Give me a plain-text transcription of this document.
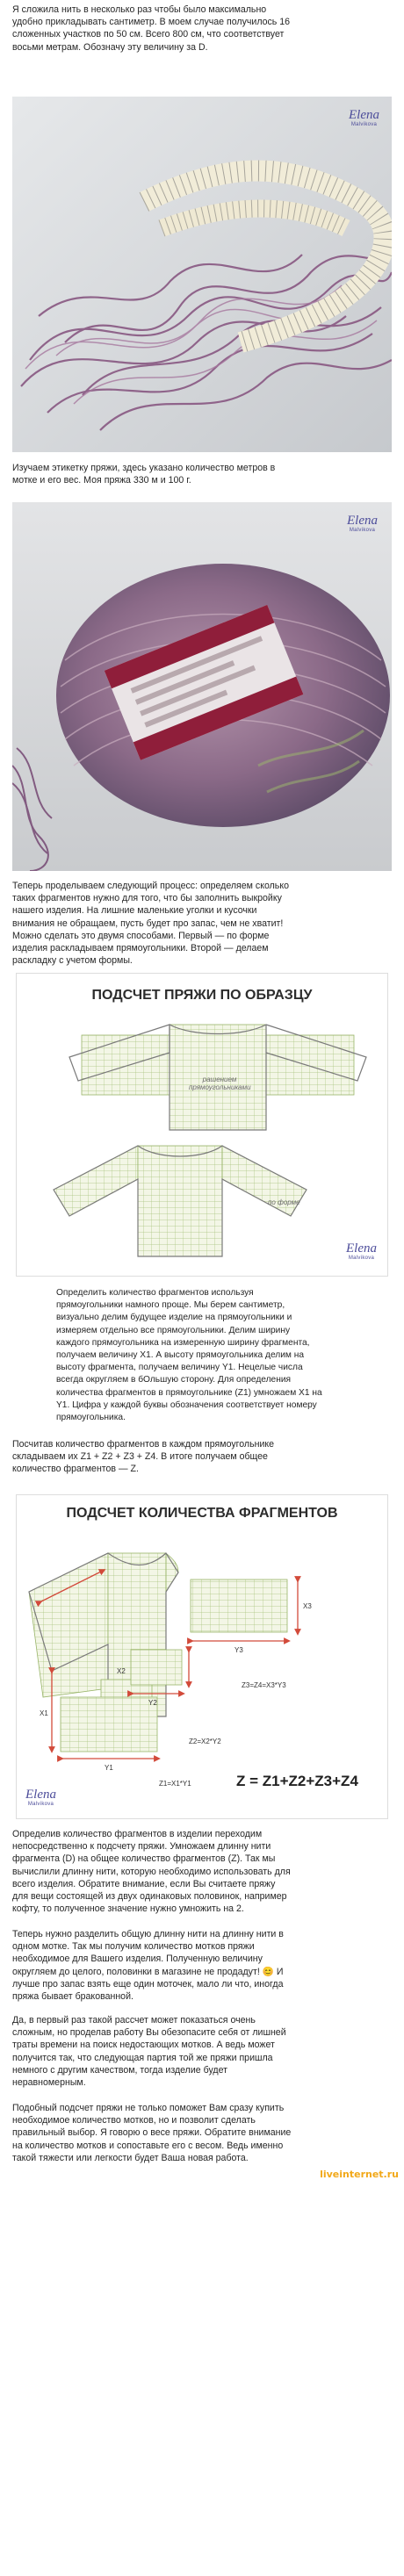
Я сложила нить в несколько раз чтобы было максимально
удобно прикладывать сантиметр. В моем случае получилось 16
сложенных участков по 50 см. Всего 800 см, что соответствует
восьми метрам. Обозначу эту величину за D.
Elena
Malvikova
Изучаем этикетку пряжи, здесь указано количество метров в
мотке и его вес. Моя пряжа 330 м и 100 г.
Elena
Malvikova
Теперь проделываем следующий процесс: определяем сколько
таких фрагментов нужно для того, что бы заполнить выкройку
нашего изделия. На лишние маленькие уголки и кусочки
внимания не обращаем, пусть будет про запас, чем не хватит!
Можно сделать это двумя способами. Первый — по форме
изделия раскладываем прямоугольники. Второй — делаем
раскладку с учетом формы.
ПОДСЧЕТ ПРЯЖИ ПО ОБРАЗЦУ
рашением прямоугольниками
по форме
Elena
Malvikova
Определить количество фрагментов используя
прямоугольники намного проще. Мы берем сантиметр,
визуально делим будущее изделие на прямоугольники и
измеряем отдельно все прямоугольники. Делим ширину
каждого прямоугольника на измеренную ширину фрагмента,
получаем величину X1. А высоту прямоугольника делим на
высоту фрагмента, получаем величину Y1. Нецелые числа
всегда округляем в бОльшую сторону. Для определения
количества фрагментов в прямоугольнике (Z1) умножаем X1 на
Y1. Цифра у каждой буквы обозначения соответствует номеру
прямоугольника.
Посчитав количество фрагментов в каждом прямоугольнике
складываем их Z1 + Z2 + Z3 + Z4. В итоге получаем общее
количество фрагментов — Z.
ПОДСЧЕТ КОЛИЧЕСТВА ФРАГМЕНТОВ
Y3
X3
Z3=Z4=X3*Y3
X2
Y2
X1
Y1
Z2=X2*Y2
Z1=X1*Y1	Z = Z1+Z2+Z3+Z4
Elena
Malvikova
Определив количество фрагментов в изделии переходим
непосредственно к подсчету пряжи. Умножаем длинну нити
фрагмента (D) на общее количество фрагментов (Z). Так мы
вычислили длинну нити, которую необходимо использовать для
всего изделия. Обратите внимание, если Вы считаете пряжу
для вещи состоящей из двух одинаковых половинок, например
кофту, то полученное значение нужно умножить на 2.
Теперь нужно разделить общую длинну нити на длинну нити в
одном мотке. Так мы получим количество мотков пряжи
необходимое для Вашего изделия. Полученную величину
округляем до целого, половинки в магазине не продадут! 😊 И
лучше про запас взять еще один моточек, мало ли что, иногда
пряжа бывает бракованной.
Да, в первый раз такой рассчет может показаться очень
сложным, но проделав работу Вы обезопасите себя от лишней
траты времени на поиск недостающих мотков. А ведь может
получится так, что следующая партия той же пряжи пришла
немного с другим качеством, тогда изделие будет
неравномерным.
Подобный подсчет пряжи не только поможет Вам сразу купить
необходимое количество мотков, но и позволит сделать
правильный выбор. Я говорю о весе пряжи. Обратите внимание
на количество мотков и сопоставьте его с весом. Ведь именно
такой тяжести или легкости будет Ваша новая работа.
liveinternet.ru
